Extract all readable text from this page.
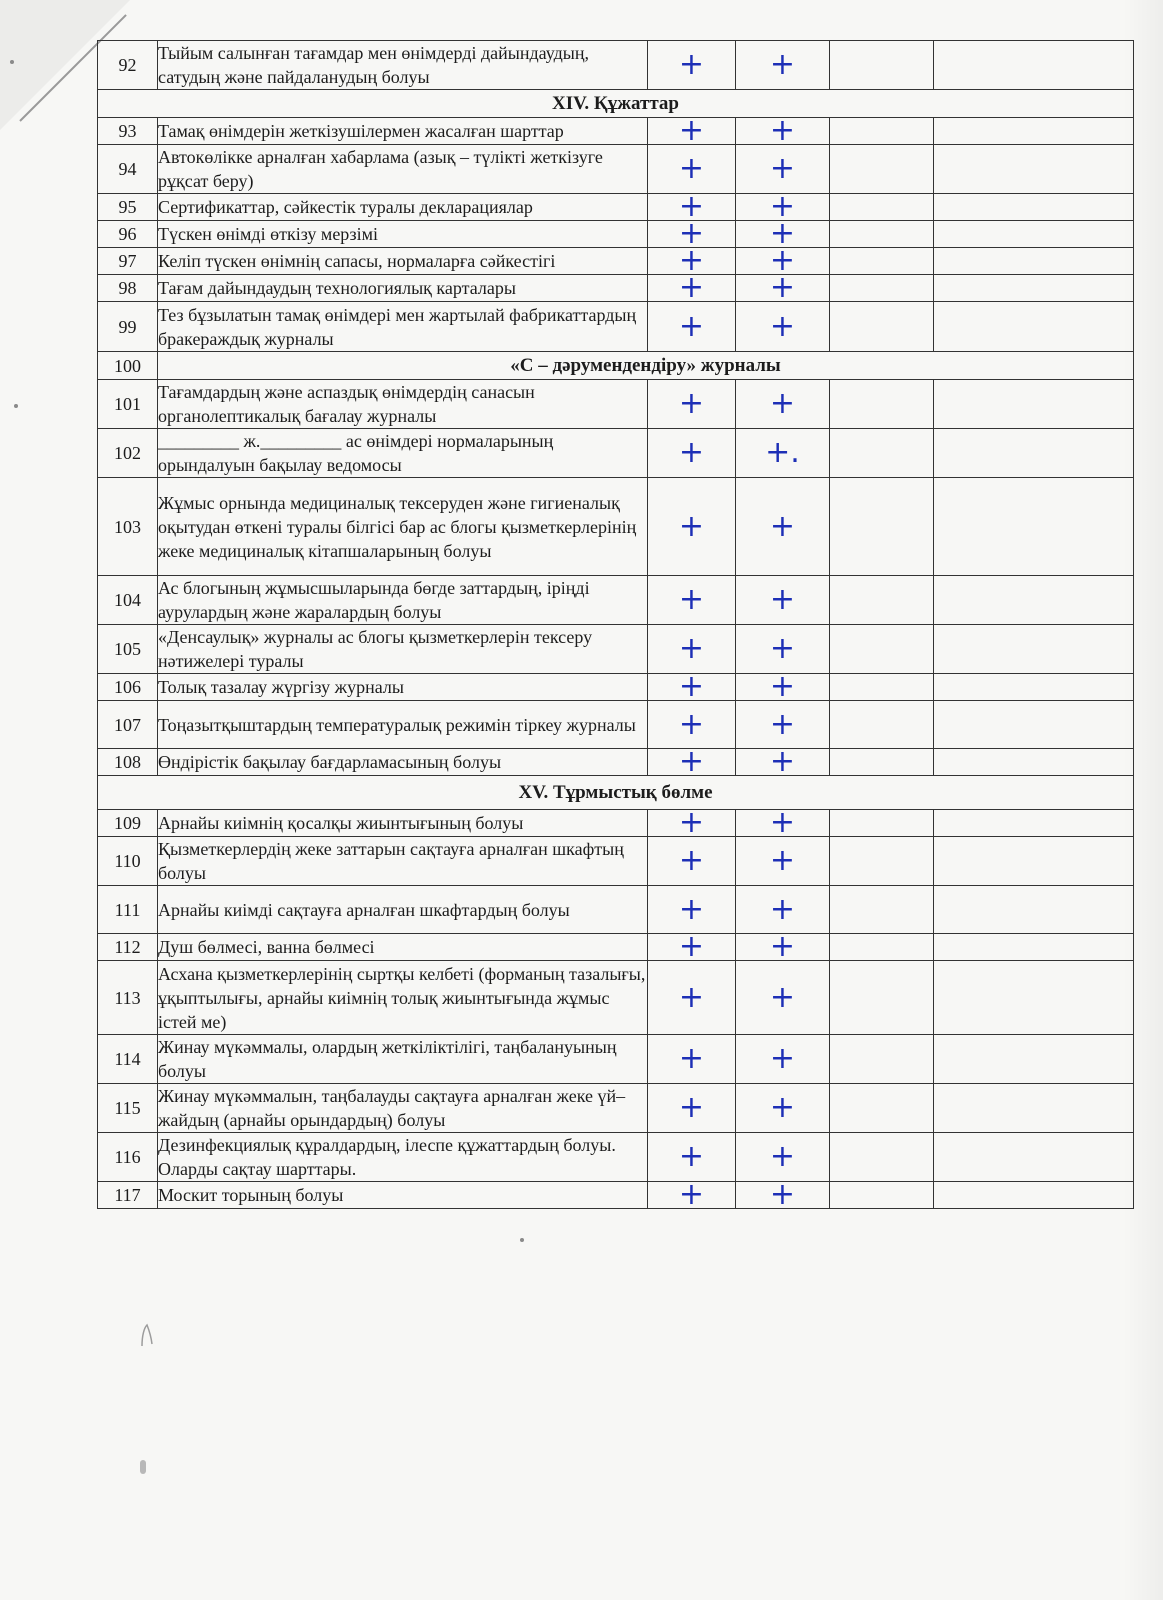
92	Тыйым салынған тағамдар мен өнімдерді дайындаудың, сатудың және пайдаланудың болуы	+	+		
XIV. Құжаттар					
93	Тамақ өнімдерін жеткізушілермен жасалған шарттар	+	+		
94	Автокөлікке арналған хабарлама (азық – түлікті жеткізуге рұқсат беру)	+	+		
95	Сертификаттар, сәйкестік туралы декларациялар	+	+		
96	Түскен өнімді өткізу мерзімі	+	+		
97	Келіп түскен өнімнің сапасы, нормаларға сәйкестігі	+	+		
98	Тағам дайындаудың технологиялық карталары	+	+		
99	Тез бұзылатын тамақ өнімдері мен жартылай фабрикаттардың бракераждық журналы	+	+		
100	«С – дәрумендендіру» журналы				
101	Тағамдардың және аспаздық өнімдердің санасын органолептикалық бағалау журналы	+	+		
102	_________ ж._________ ас өнімдері нормаларының орындалуын бақылау ведомосы	+	+.		
103	Жұмыс орнында медициналық тексеруден және гигиеналық оқытудан өткені туралы білгісі бар ас блогы қызметкерлерінің жеке медициналық кітапшаларының болуы	+	+		
104	Ас блогының жұмысшыларында бөгде заттардың, іріңді аурулардың және жаралардың болуы	+	+		
105	«Денсаулық» журналы ас блогы қызметкерлерін тексеру нәтижелері туралы	+	+		
106	Толық тазалау жүргізу журналы	+	+		
107	Тоңазытқыштардың температуралық режимін тіркеу журналы	+	+		
108	Өндірістік бақылау бағдарламасының болуы	+	+		
XV. Тұрмыстық бөлме					
109	Арнайы киімнің қосалқы жиынтығының болуы	+	+		
110	Қызметкерлердің жеке заттарын сақтауға арналған шкафтың болуы	+	+		
111	Арнайы киімді сақтауға арналған шкафтардың болуы	+	+		
112	Душ бөлмесі, ванна бөлмесі	+	+		
113	Асхана қызметкерлерінің сыртқы келбеті (форманың тазалығы, ұқыптылығы, арнайы киімнің толық жиынтығында жұмыс істей ме)	+	+		
114	Жинау мүкәммалы, олардың жеткіліктілігі, таңбалануының болуы	+	+		
115	Жинау мүкәммалын, таңбалауды сақтауға арналған жеке үй–жайдың (арнайы орындардың) болуы	+	+		
116	Дезинфекциялық құралдардың, ілеспе құжаттардың болуы. Оларды сақтау шарттары.	+	+		
117	Москит торының болуы	+	+		
